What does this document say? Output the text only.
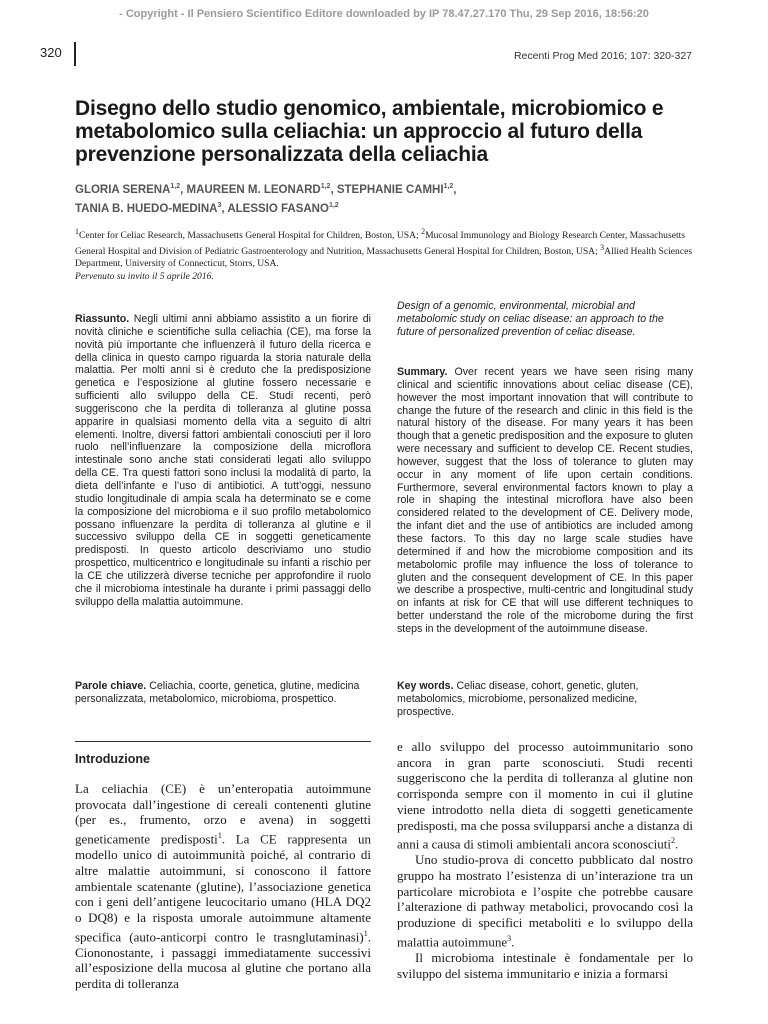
- Copyright - Il Pensiero Scientifico Editore downloaded by IP 78.47.27.170 Thu, 29 Sep 2016, 18:56:20
320	Recenti Prog Med 2016; 107: 320-327
Disegno dello studio genomico, ambientale, microbiomico e metabolomico sulla celiachia: un approccio al futuro della prevenzione personalizzata della celiachia
GLORIA SERENA$^{1,2}$, MAUREEN M. LEONARD$^{1,2}$, STEPHANIE CAMHI$^{1,2}$,
TANIA B. HUEDO-MEDINA$^3$, ALESSIO FASANO$^{1,2}$
$^1$Center for Celiac Research, Massachusetts General Hospital for Children, Boston, USA; $^2$Mucosal Immunology and Biology Research Center, Massachusetts General Hospital and Division of Pediatric Gastroenterology and Nutrition, Massachusetts General Hospital for Children, Boston, USA; $^3$Allied Health Sciences Department, University of Connecticut, Storrs, USA.
Pervenuto su invito il 5 aprile 2016.
Riassunto. Negli ultimi anni abbiamo assistito a un fiorire di novità cliniche e scientifiche sulla celiachia (CE), ma forse la novità più importante che influenzerà il futuro della ricerca e della clinica in questo campo riguarda la storia naturale della malattia. Per molti anni si è creduto che la predisposizione genetica e l’esposizione al glutine fossero necessarie e sufficienti allo sviluppo della CE. Studi recenti, però suggeriscono che la perdita di tolleranza al glutine possa apparire in qualsiasi momento della vita a seguito di altri elementi. Inoltre, diversi fattori ambientali conosciuti per il loro ruolo nell’influenzare la composizione della microflora intestinale sono anche stati considerati legati allo sviluppo della CE. Tra questi fattori sono inclusi la modalità di parto, la dieta dell’infante e l’uso di antibiotici. A tutt’oggi, nessuno studio longitudinale di ampia scala ha determinato se e come la composizione del microbioma e il suo profilo metabolomico possano influenzare la perdita di tolleranza al glutine e il successivo sviluppo della CE in soggetti geneticamente predisposti. In questo articolo descriviamo uno studio prospettico, multicentrico e longitudinale su infanti a rischio per la CE che utilizzerà diverse tecniche per approfondire il ruolo che il microbioma intestinale ha durante i primi passaggi dello sviluppo della malattia autoimmune.
Design of a genomic, environmental, microbial and metabolomic study on celiac disease: an approach to the future of personalized prevention of celiac disease.
Summary. Over recent years we have seen rising many clinical and scientific innovations about celiac disease (CE), however the most important innovation that will contribute to change the future of the research and clinic in this field is the natural history of the disease. For many years it has been though that a genetic predisposition and the exposure to gluten were necessary and sufficient to develop CE. Recent studies, however, suggest that the loss of tolerance to gluten may occur in any moment of life upon certain conditions. Furthermore, several environmental factors known to play a role in shaping the intestinal microflora have also been considered related to the development of CE. Delivery mode, the infant diet and the use of antibiotics are included among these factors. To this day no large scale studies have determined if and how the microbiome composition and its metabolomic profile may influence the loss of tolerance to gluten and the consequent development of CE. In this paper we describe a prospective, multi-centric and longitudinal study on infants at risk for CE that will use different techniques to better understand the role of the microbome during the first steps in the development of the autoimmune disease.
Parole chiave. Celiachia, coorte, genetica, glutine, medicina personalizzata, metabolomico, microbioma, prospettico.
Key words. Celiac disease, cohort, genetic, gluten, metabolomics, microbiome, personalized medicine, prospective.
Introduzione
La celiachia (CE) è un’enteropatia autoimmune provocata dall’ingestione di cereali contenenti glutine (per es., frumento, orzo e avena) in soggetti geneticamente predisposti$^1$. La CE rappresenta un modello unico di autoimmunità poiché, al contrario di altre malattie autoimmuni, si conoscono il fattore ambientale scatenante (glutine), l’associazione genetica con i geni dell’antigene leucocitario umano (HLA DQ2 o DQ8) e la risposta umorale autoimmune altamente specifica (auto-anticorpi contro le trasnglutaminasi)$^1$. Ciononostante, i passaggi immediatamente successivi all’esposizione della mucosa al glutine che portano alla perdita di tolleranza

e allo sviluppo del processo autoimmunitario sono ancora in gran parte sconosciuti. Studi recenti suggeriscono che la perdita di tolleranza al glutine non corrisponda sempre con il momento in cui il glutine viene introdotto nella dieta di soggetti geneticamente predisposti, ma che possa svilupparsi anche a distanza di anni a causa di stimoli ambientali ancora sconosciuti$^2$.

Uno studio-prova di concetto pubblicato dal nostro gruppo ha mostrato l’esistenza di un’interazione tra un particolare microbiota e l’ospite che potrebbe causare l’alterazione di pathway metabolici, provocando così la produzione di specifici metaboliti e lo sviluppo della malattia autoimmune$^3$.

Il microbioma intestinale è fondamentale per lo sviluppo del sistema immunitario e inizia a formarsi
